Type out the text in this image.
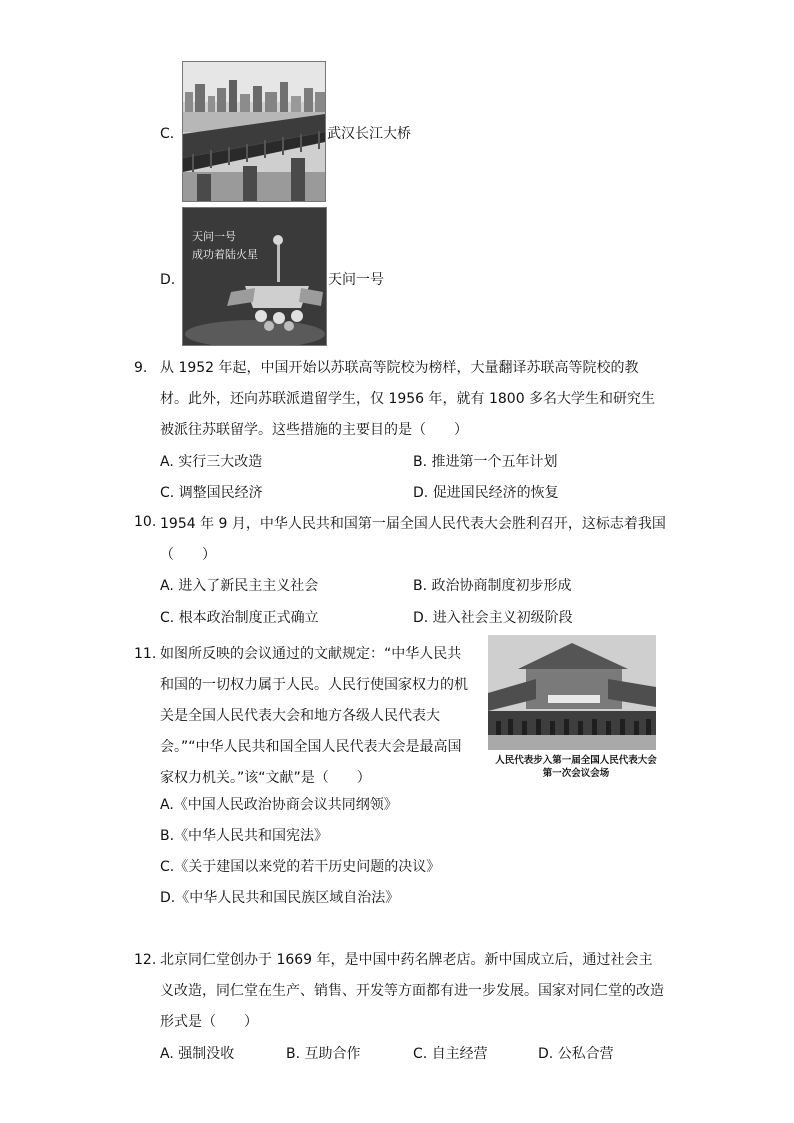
C.	武汉长江大桥
D.
天问一号
成功着陆火星
天问一号
9. 从 1952 年起，中国开始以苏联高等院校为榜样，大量翻译苏联高等院校的教材。此外，还向苏联派遣留学生，仅 1956 年，就有 1800 多名大学生和研究生被派往苏联留学。这些措施的主要目的是（　　）
A. 实行三大改造	B. 推进第一个五年计划
C. 调整国民经济	D. 促进国民经济的恢复
10. 1954 年 9 月，中华人民共和国第一届全国人民代表大会胜利召开，这标志着我国
（　　）
A. 进入了新民主主义社会	B. 政治协商制度初步形成
C. 根本政治制度正式确立	D. 进入社会主义初级阶段
11. 如图所反映的会议通过的文献规定：“中华人民共和国的一切权力属于人民。人民行使国家权力的机关是全国人民代表大会和地方各级人民代表大会。”“中华人民共和国全国人民代表大会是最高国家权力机关。”该“文献”是（　　）
人民代表步入第一届全国人民代表大会第一次会议会场
A.《中国人民政治协商会议共同纲领》
B.《中华人民共和国宪法》
C.《关于建国以来党的若干历史问题的决议》
D.《中华人民共和国民族区域自治法》
12. 北京同仁堂创办于 1669 年，是中国中药名牌老店。新中国成立后，通过社会主义改造，同仁堂在生产、销售、开发等方面都有进一步发展。国家对同仁堂的改造形式是（　　）
A. 强制没收	B. 互助合作	C. 自主经营	D. 公私合营
